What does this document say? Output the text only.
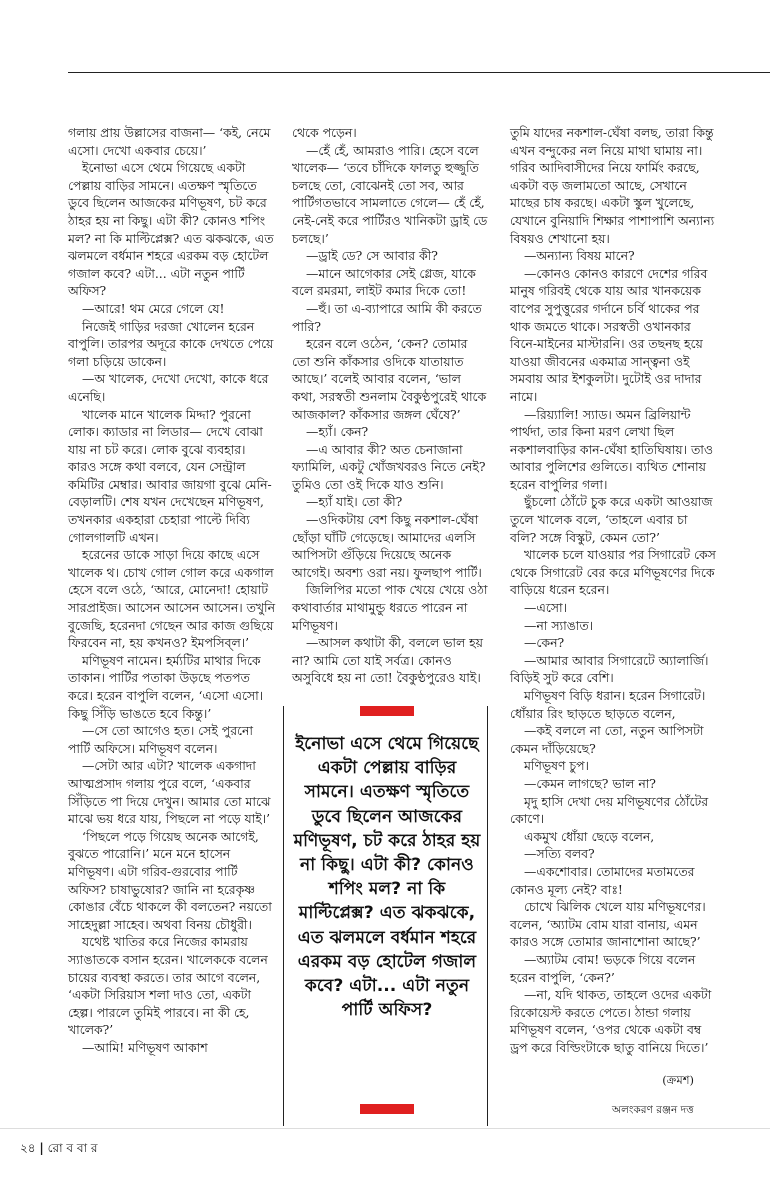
গলায় প্রায় উল্লাসের বাজনা— ‘কই, নেমে এসো। দেখো একবার চেয়ে।’

ইনোভা এসে থেমে গিয়েছে একটা পেল্লায় বাড়ির সামনে। এতক্ষণ স্মৃতিতে ডুবে ছিলেন আজকের মণিভূষণ, চট করে ঠাহর হয় না কিছু। এটা কী? কোনও শপিং মল? না কি মাল্টিপ্লেক্স? এত ঝকঝকে, এত ঝলমলে বর্ধমান শহরে এরকম বড় হোটেল গজাল কবে? এটা... এটা নতুন পার্টি অফিস?

—আরে! থম মেরে গেলে যে!

নিজেই গাড়ির দরজা খোলেন হরেন বাপুলি। তারপর অদূরে কাকে দেখতে পেয়ে গলা চড়িয়ে ডাকেন।

—অ খালেক, দেখো দেখো, কাকে ধরে এনেছি।

খালেক মানে খালেক মিদ্দা? পুরনো লোক। ক্যাডার না লিডার— দেখে বোঝা যায় না চট করে। লোক বুঝে ব্যবহার। কারও সঙ্গে কথা বলবে, যেন সেন্ট্রাল কমিটির মেম্বার। আবার জায়গা বুঝে মেনি-বেড়ালটি। শেষ যখন দেখেছেন মণিভূষণ, তখনকার একহারা চেহারা পাল্টে দিব্যি গোলগালটি এখন।

হরেনের ডাকে সাড়া দিয়ে কাছে এসে খালেক থ। চোখ গোল গোল করে একগাল হেসে বলে ওঠে, ‘আরে, মোনেদা! হোয়াট সারপ্রাইজ। আসেন আসেন আসেন। তখুনি বুজেছি, হরেনদা গেছেন আর কাজ গুছিয়ে ফিরবেন না, হয় কখনও? ইমপসিব্‌ল।’

মণিভূষণ নামেন। হর্ম্যটির মাথার দিকে তাকান। পার্টির পতাকা উড়ছে পতপত করে। হরেন বাপুলি বলেন, ‘এসো এসো। কিছু সিঁড়ি ভাঙতে হবে কিন্তু।’

—সে তো আগেও হত। সেই পুরনো পার্টি অফিসে। মণিভূষণ বলেন।

—সেটা আর এটা? খালেক একগাদা আত্মপ্রসাদ গলায় পুরে বলে, ‘একবার সিঁড়িতে পা দিয়ে দেখুন। আমার তো মাঝে মাঝে ভয় ধরে যায়, পিছলে না পড়ে যাই।’

‘পিছলে পড়ে গিয়েছ অনেক আগেই, বুঝতে পারোনি।’ মনে মনে হাসেন মণিভূষণ। এটা গরিব-গুরবোর পার্টি অফিস? চাষাভুষোর? জানি না হরেকৃষ্ণ কোঙার বেঁচে থাকলে কী বলতেন? নয়তো সাহেদুল্লা সাহেব। অথবা বিনয় চৌধুরী।

যথেষ্ট খাতির করে নিজের কামরায় স্যাঙাতকে বসান হরেন। খালেককে বলেন চায়ের ব্যবস্থা করতে। তার আগে বলেন, ‘একটা সিরিয়াস শলা দাও তো, একটা হেল্প। পারলে তুমিই পারবে। না কী হে, খালেক?’

—আমি! মণিভূষণ আকাশ

থেকে পড়েন।

—হেঁ হেঁ, আমরাও পারি। হেসে বলে খালেক— ‘তবে চাঁদিকে ফালতু হুজ্জুতি চলছে তো, বোঝেনই তো সব, আর পার্টিগতভাবে সামলাতে গেলে— হেঁ হেঁ, নেই-নেই করে পার্টিরও খানিকটা ড্রাই ডে চলছে।’

—ড্রাই ডে? সে আবার কী?

—মানে আগেকার সেই গ্লেজ, যাকে বলে রমরমা, লাইট কমার দিকে তো!

—হুঁ। তা এ-ব্যাপারে আমি কী করতে পারি?

হরেন বলে ওঠেন, ‘কেন? তোমার তো শুনি কাঁকসার ওদিকে যাতায়াত আছে।’ বলেই আবার বলেন, ‘ভাল কথা, সরস্বতী শুনলাম বৈকুণ্ঠপুরেই থাকে আজকাল? কাঁকসার জঙ্গল ঘেঁষে?’

—হ্যাঁ। কেন?

—এ আবার কী? অত চেনাজানা ফ্যামিলি, একটু খোঁজখবরও নিতে নেই? তুমিও তো ওই দিকে যাও শুনি।

—হ্যাঁ যাই। তো কী?

—ওদিকটায় বেশ কিছু নকশাল-ঘেঁষা ছোঁড়া ঘাঁটি গেড়েছে। আমাদের এলসি আপিসটা গুঁড়িয়ে দিয়েছে অনেক আগেই। অবশ্য ওরা নয়। ফুলছাপ পার্টি।

জিলিপির মতো পাক খেয়ে খেয়ে ওঠা কথাবার্তার মাথামুন্ডু ধরতে পারেন না মণিভূষণ।

—আসল কথাটা কী, বললে ভাল হয় না? আমি তো যাই সর্বত্র। কোনও অসুবিধে হয় না তো! বৈকুণ্ঠপুরেও যাই।

তুমি যাদের নকশাল-ঘেঁষা বলছ, তারা কিন্তু এখন বন্দুকের নল নিয়ে মাথা ঘামায় না। গরিব আদিবাসীদের নিয়ে ফার্মিং করছে, একটা বড় জলামতো আছে, সেখানে মাছের চাষ করছে। একটা স্কুল খুলেছে, যেখানে বুনিয়াদি শিক্ষার পাশাপাশি অন্যান্য বিষয়ও শেখানো হয়।

—অন্যান্য বিষয় মানে?

—কোনও কোনও কারণে দেশের গরিব মানুষ গরিবই থেকে যায় আর খানকয়েক বাপের সুপুত্তুরের গর্দানে চর্বি থাকের পর থাক জমতে থাকে। সরস্বতী ওখানকার বিনে-মাইনের মাস্টারনি। ওর তছনছ হয়ে যাওয়া জীবনের একমাত্র সান্ত্বনা ওই সমবায় আর ইশকুলটা। দুটোই ওর দাদার নামে।

—রিয়্যালি! স্যাড। অমন ব্রিলিয়ান্ট পার্থদা, তার কিনা মরণ লেখা ছিল নকশালবাড়ির কান-ঘেঁষা হাতিঘিষায়। তাও আবার পুলিশের গুলিতে। ব্যথিত শোনায় হরেন বাপুলির গলা।

ছুঁচলো ঠোঁটে চুক করে একটা আওয়াজ তুলে খালেক বলে, ‘তাহলে এবার চা বলি? সঙ্গে বিস্কুট, কেমন তো?’

খালেক চলে যাওয়ার পর সিগারেট কেস থেকে সিগারেট বের করে মণিভূষণের দিকে বাড়িয়ে ধরেন হরেন।

—এসো।

—না স্যাঙাত।

—কেন?

—আমার আবার সিগারেটে অ্যালার্জি। বিড়িই সুট করে বেশি।

মণিভূষণ বিড়ি ধরান। হরেন সিগারেট। ধোঁয়ার রিং ছাড়তে ছাড়তে বলেন,

—কই বললে না তো, নতুন আপিসটা কেমন দাঁড়িয়েছে?

মণিভূষণ চুপ।

—কেমন লাগছে? ভাল না?

মৃদু হাসি দেখা দেয় মণিভূষণের ঠোঁটের কোণে।

একমুখ ধোঁয়া ছেড়ে বলেন,

—সত্যি বলব?

—একশোবার। তোমাদের মতামতের কোনও মূল্য নেই? বাঃ!

চোখে ঝিলিক খেলে যায় মণিভূষণের। বলেন, ‘অ্যাটম বোম যারা বানায়, এমন কারও সঙ্গে তোমার জানাশোনা আছে?’

—অ্যাটম বোম! ভড়কে গিয়ে বলেন হরেন বাপুলি, ‘কেন?’

—না, যদি থাকত, তাহলে ওদের একটা রিকোয়েস্ট করতে পেতে। ঠান্ডা গলায় মণিভূষণ বলেন, ‘ওপর থেকে একটা বম্ব ড্রপ করে বিল্ডিংটাকে ছাতু বানিয়ে দিতে।’

ইনোভা এসে থেমে গিয়েছে একটা পেল্লায় বাড়ির সামনে। এতক্ষণ স্মৃতিতে ডুবে ছিলেন আজকের মণিভূষণ, চট করে ঠাহর হয় না কিছু। এটা কী? কোনও শপিং মল? না কি মাল্টিপ্লেক্স? এত ঝকঝকে, এত ঝলমলে বর্ধমান শহরে এরকম বড় হোটেল গজাল কবে? এটা... এটা নতুন পার্টি অফিস?
(ক্রমশ)
অলংকরণ রঞ্জন দত্ত
২৪ | রো ব বা র
